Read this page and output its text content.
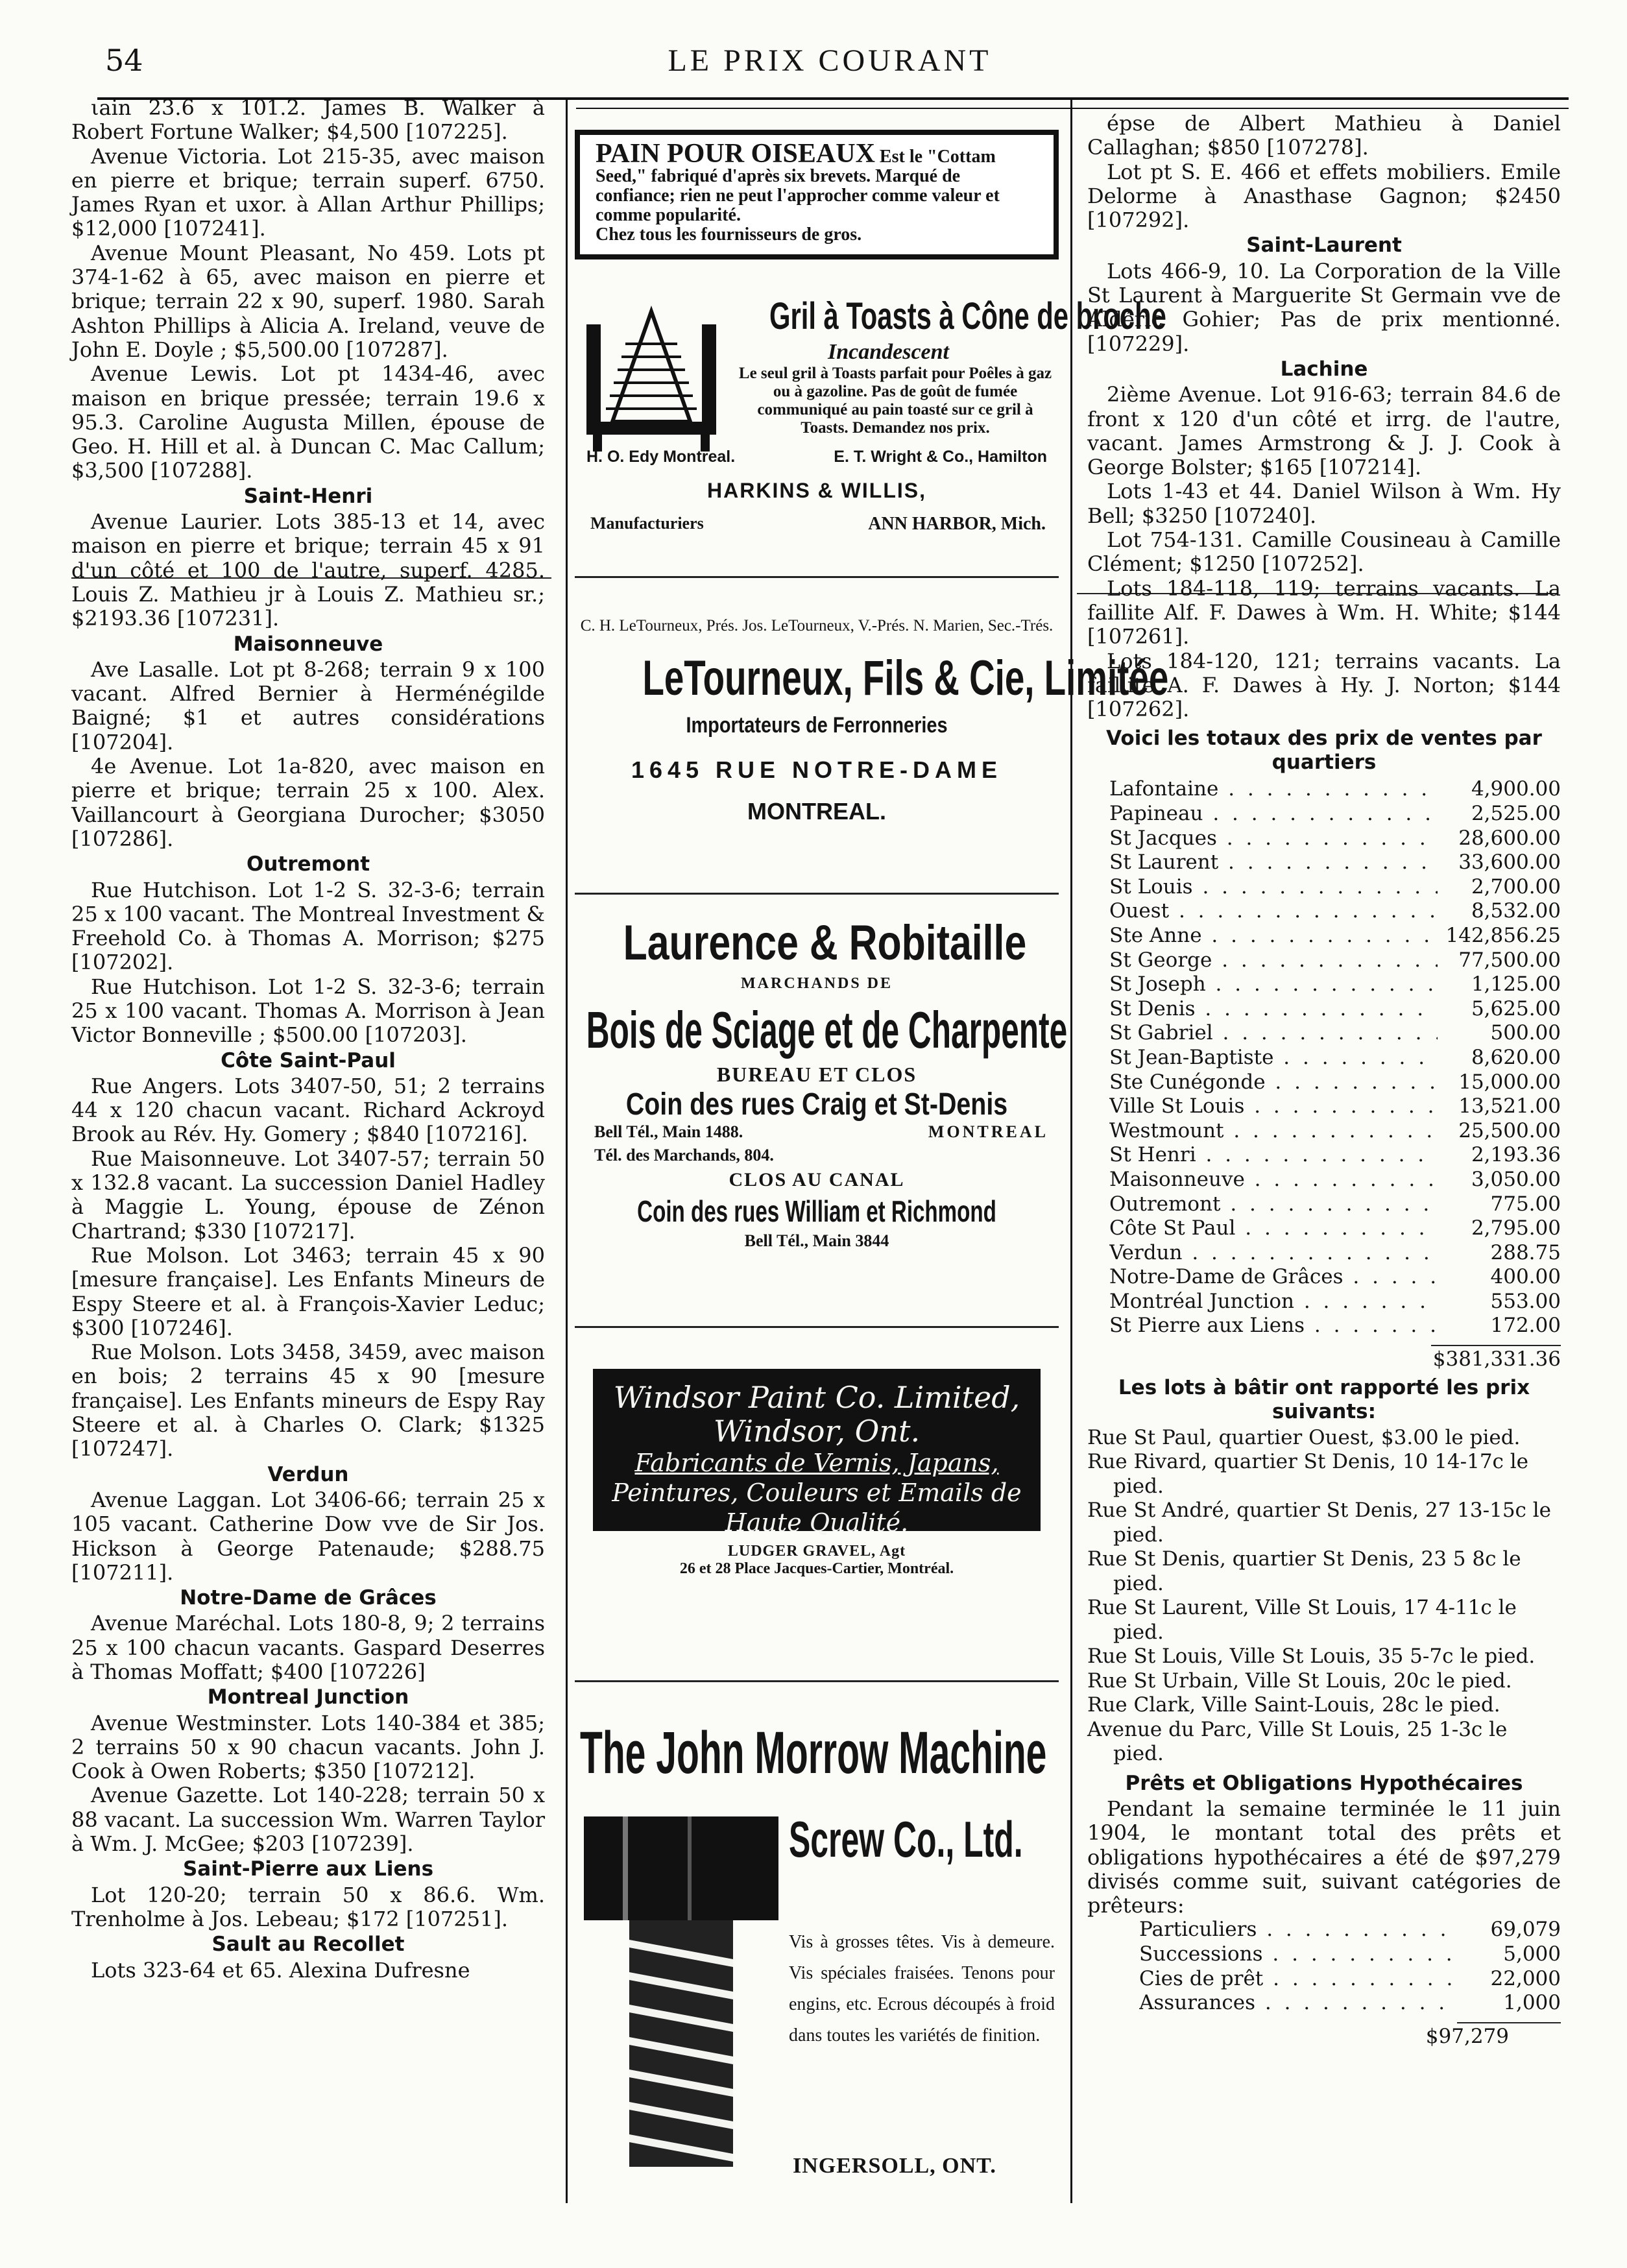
54	LE PRIX COURANT

ιain 23.6 x 101.2. James B. Walker à Robert Fortune Walker; $4,500 [107225].

Avenue Victoria. Lot 215-35, avec maison en pierre et brique; terrain superf. 6750. James Ryan et uxor. à Allan Arthur Phillips; $12,000 [107241].

Avenue Mount Pleasant, No 459. Lots pt 374-1-62 à 65, avec maison en pierre et brique; terrain 22 x 90, superf. 1980. Sarah Ashton Phillips à Alicia A. Ireland, veuve de John E. Doyle ; $5,500.00 [107287].

Avenue Lewis. Lot pt 1434-46, avec maison en brique pressée; terrain 19.6 x 95.3. Caroline Augusta Millen, épouse de Geo. H. Hill et al. à Duncan C. Mac Callum; $3,500 [107288].

Saint-Henri

Avenue Laurier. Lots 385-13 et 14, avec maison en pierre et brique; terrain 45 x 91 d'un côté et 100 de l'autre, superf. 4285. Louis Z. Mathieu jr à Louis Z. Mathieu sr.; $2193.36 [107231].

Maisonneuve

Ave Lasalle. Lot pt 8-268; terrain 9 x 100 vacant. Alfred Bernier à Herménégilde Baigné; $1 et autres considérations [107204].

4e Avenue. Lot 1a-820, avec maison en pierre et brique; terrain 25 x 100. Alex. Vaillancourt à Georgiana Durocher; $3050 [107286].

Outremont

Rue Hutchison. Lot 1-2 S. 32-3-6; terrain 25 x 100 vacant. The Montreal Investment & Freehold Co. à Thomas A. Morrison; $275 [107202].

Rue Hutchison. Lot 1-2 S. 32-3-6; terrain 25 x 100 vacant. Thomas A. Morrison à Jean Victor Bonneville ; $500.00 [107203].

Côte Saint-Paul

Rue Angers. Lots 3407-50, 51; 2 terrains 44 x 120 chacun vacant. Richard Ackroyd Brook au Rév. Hy. Gomery ; $840 [107216].

Rue Maisonneuve. Lot 3407-57; terrain 50 x 132.8 vacant. La succession Daniel Hadley à Maggie L. Young, épouse de Zénon Chartrand; $330 [107217].

Rue Molson. Lot 3463; terrain 45 x 90 [mesure française]. Les Enfants Mineurs de Espy Steere et al. à François-Xavier Leduc; $300 [107246].

Rue Molson. Lots 3458, 3459, avec maison en bois; 2 terrains 45 x 90 [mesure française]. Les Enfants mineurs de Espy Ray Steere et al. à Charles O. Clark; $1325 [107247].

Verdun

Avenue Laggan. Lot 3406-66; terrain 25 x 105 vacant. Catherine Dow vve de Sir Jos. Hickson à George Patenaude; $288.75 [107211].

Notre-Dame de Grâces

Avenue Maréchal. Lots 180-8, 9; 2 terrains 25 x 100 chacun vacants. Gaspard Deserres à Thomas Moffatt; $400 [107226]

Montreal Junction

Avenue Westminster. Lots 140-384 et 385; 2 terrains 50 x 90 chacun vacants. John J. Cook à Owen Roberts; $350 [107212].

Avenue Gazette. Lot 140-228; terrain 50 x 88 vacant. La succession Wm. Warren Taylor à Wm. J. McGee; $203 [107239].

Saint-Pierre aux Liens

Lot 120-20; terrain 50 x 86.6. Wm. Trenholme à Jos. Lebeau; $172 [107251].

Sault au Recollet

Lots 323-64 et 65. Alexina Dufresne

PAIN POUR OISEAUX Est le "Cottam Seed," fabriqué d'après six brevets. Marqué de confiance; rien ne peut l'approcher comme valeur et comme popularité.
Chez tous les fournisseurs de gros.
Gril à Toasts à Cône de broche
Incandescent
Le seul gril à Toasts parfait pour Poêles à gaz ou à gazoline. Pas de goût de fumée communiqué au pain toasté sur ce gril à Toasts. Demandez nos prix.
H. O. Edy Montreal.	E. T. Wright & Co., Hamilton
HARKINS & WILLIS,
Manufacturiers	ANN HARBOR, Mich.
C. H. LeTourneux, Prés. Jos. LeTourneux, V.-Prés. N. Marien, Sec.-Trés.
LeTourneux, Fils & Cie, Limitée
Importateurs de Ferronneries
1645 RUE NOTRE-DAME
MONTREAL.
Laurence & Robitaille
MARCHANDS DE
Bois de Sciage et de Charpente
BUREAU ET CLOS
Coin des rues Craig et St-Denis
Bell Tél., Main 1488.	MONTREAL
Tél. des Marchands, 804.
CLOS AU CANAL
Coin des rues William et Richmond
Bell Tél., Main 3844
Windsor Paint Co. Limited,
Windsor, Ont.
Fabricants de Vernis, Japans,
Peintures, Couleurs et Emails de
Haute Qualité.
LUDGER GRAVEL, Agt
26 et 28 Place Jacques-Cartier, Montréal.
The John Morrow Machine
Screw Co., Ltd.
Vis à grosses têtes. Vis à demeure. Vis spéciales fraisées. Tenons pour engins, etc. Ecrous découpés à froid dans toutes les variétés de finition.
INGERSOLL, ONT.

épse de Albert Mathieu à Daniel Callaghan; $850 [107278].

Lot pt S. E. 466 et effets mobiliers. Emile Delorme à Anasthase Gagnon; $2450 [107292].

Saint-Laurent

Lots 466-9, 10. La Corporation de la Ville St Laurent à Marguerite St Germain vve de Aldéric Gohier; Pas de prix mentionné. [107229].

Lachine

2ième Avenue. Lot 916-63; terrain 84.6 de front x 120 d'un côté et irrg. de l'autre, vacant. James Armstrong & J. J. Cook à George Bolster; $165 [107214].

Lots 1-43 et 44. Daniel Wilson à Wm. Hy Bell; $3250 [107240].

Lot 754-131. Camille Cousineau à Camille Clément; $1250 [107252].

Lots 184-118, 119; terrains vacants. La faillite Alf. F. Dawes à Wm. H. White; $144 [107261].

Lots 184-120, 121; terrains vacants. La faillite A. F. Dawes à Hy. J. Norton; $144 [107262].

Voici les totaux des prix de ventes par quartiers
Lafontaine . . .	4,900.00
Papineau . . .	2,525.00
St Jacques . . .	28,600.00
St Laurent . . .	33,600.00
St Louis . . .	2,700.00
Ouest . . .	8,532.00
Ste Anne . . .	142,856.25
St George . . .	77,500.00
St Joseph . . .	1,125.00
St Denis . . .	5,625.00
St Gabriel . . .	500.00
St Jean-Baptiste . . .	8,620.00
Ste Cunégonde . . .	15,000.00
Ville St Louis . . .	13,521.00
Westmount . . .	25,500.00
St Henri . . .	2,193.36
Maisonneuve . . .	3,050.00
Outremont . . .	775.00
Côte St Paul . . .	2,795.00
Verdun . . .	288.75
Notre-Dame de Grâces . . .	400.00
Montréal Junction . . .	553.00
St Pierre aux Liens . . .	172.00
$381,331.36
Les lots à bâtir ont rapporté les prix suivants:
Rue St Paul, quartier Ouest, $3.00 le pied.
Rue Rivard, quartier St Denis, 10 14-17c le pied.
Rue St André, quartier St Denis, 27 13-15c le pied.
Rue St Denis, quartier St Denis, 23 5 8c le pied.
Rue St Laurent, Ville St Louis, 17 4-11c le pied.
Rue St Louis, Ville St Louis, 35 5-7c le pied.
Rue St Urbain, Ville St Louis, 20c le pied.
Rue Clark, Ville Saint-Louis, 28c le pied.
Avenue du Parc, Ville St Louis, 25 1-3c le pied.
Prêts et Obligations Hypothécaires

Pendant la semaine terminée le 11 juin 1904, le montant total des prêts et obligations hypothécaires a été de $97,279 divisés comme suit, suivant catégories de prêteurs:

Particuliers . . .	69,079
Successions . . .	5,000
Cies de prêt . . .	22,000
Assurances . . .	1,000
$97,279
